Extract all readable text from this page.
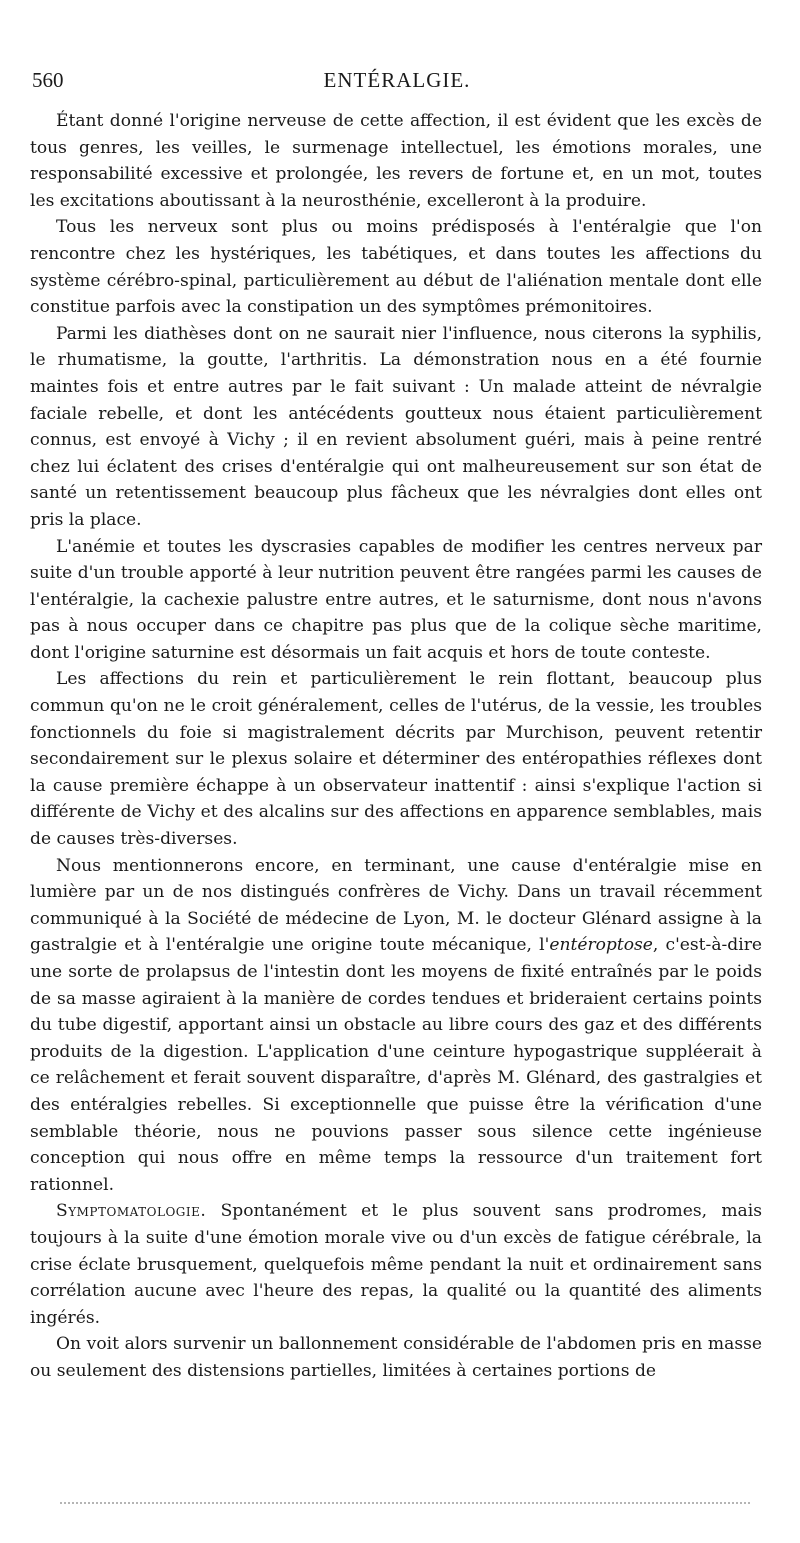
560	ENTÉRALGIE.

Étant donné l'origine nerveuse de cette affection, il est évident que les excès de tous genres, les veilles, le surmenage intellectuel, les émotions morales, une responsabilité excessive et prolongée, les revers de fortune et, en un mot, toutes les excitations aboutissant à la neurosthénie, excelleront à la produire.

Tous les nerveux sont plus ou moins prédisposés à l'entéralgie que l'on rencontre chez les hystériques, les tabétiques, et dans toutes les affections du système cérébro-spinal, particulièrement au début de l'aliénation mentale dont elle constitue parfois avec la constipation un des symptômes prémonitoires.

Parmi les diathèses dont on ne saurait nier l'influence, nous citerons la syphilis, le rhumatisme, la goutte, l'arthritis. La démonstration nous en a été fournie maintes fois et entre autres par le fait suivant : Un malade atteint de névralgie faciale rebelle, et dont les antécédents goutteux nous étaient particulièrement connus, est envoyé à Vichy ; il en revient absolument guéri, mais à peine rentré chez lui éclatent des crises d'entéralgie qui ont malheureusement sur son état de santé un retentissement beaucoup plus fâcheux que les névralgies dont elles ont pris la place.

L'anémie et toutes les dyscrasies capables de modifier les centres nerveux par suite d'un trouble apporté à leur nutrition peuvent être rangées parmi les causes de l'entéralgie, la cachexie palustre entre autres, et le saturnisme, dont nous n'avons pas à nous occuper dans ce chapitre pas plus que de la colique sèche maritime, dont l'origine saturnine est désormais un fait acquis et hors de toute conteste.

Les affections du rein et particulièrement le rein flottant, beaucoup plus commun qu'on ne le croit généralement, celles de l'utérus, de la vessie, les troubles fonctionnels du foie si magistralement décrits par Murchison, peuvent retentir secondairement sur le plexus solaire et déterminer des entéropathies réflexes dont la cause première échappe à un observateur inattentif : ainsi s'explique l'action si différente de Vichy et des alcalins sur des affections en apparence semblables, mais de causes très-diverses.

Nous mentionnerons encore, en terminant, une cause d'entéralgie mise en lumière par un de nos distingués confrères de Vichy. Dans un travail récemment communiqué à la Société de médecine de Lyon, M. le docteur Glénard assigne à la gastralgie et à l'entéralgie une origine toute mécanique, l'entéroptose, c'est-à-dire une sorte de prolapsus de l'intestin dont les moyens de fixité entraînés par le poids de sa masse agiraient à la manière de cordes tendues et brideraient certains points du tube digestif, apportant ainsi un obstacle au libre cours des gaz et des différents produits de la digestion. L'application d'une ceinture hypogastrique suppléerait à ce relâchement et ferait souvent disparaître, d'après M. Glénard, des gastralgies et des entéralgies rebelles. Si exceptionnelle que puisse être la vérification d'une semblable théorie, nous ne pouvions passer sous silence cette ingénieuse conception qui nous offre en même temps la ressource d'un traitement fort rationnel.

Symptomatologie. Spontanément et le plus souvent sans prodromes, mais toujours à la suite d'une émotion morale vive ou d'un excès de fatigue cérébrale, la crise éclate brusquement, quelquefois même pendant la nuit et ordinairement sans corrélation aucune avec l'heure des repas, la qualité ou la quantité des aliments ingérés.

On voit alors survenir un ballonnement considérable de l'abdomen pris en masse ou seulement des distensions partielles, limitées à certaines portions de
